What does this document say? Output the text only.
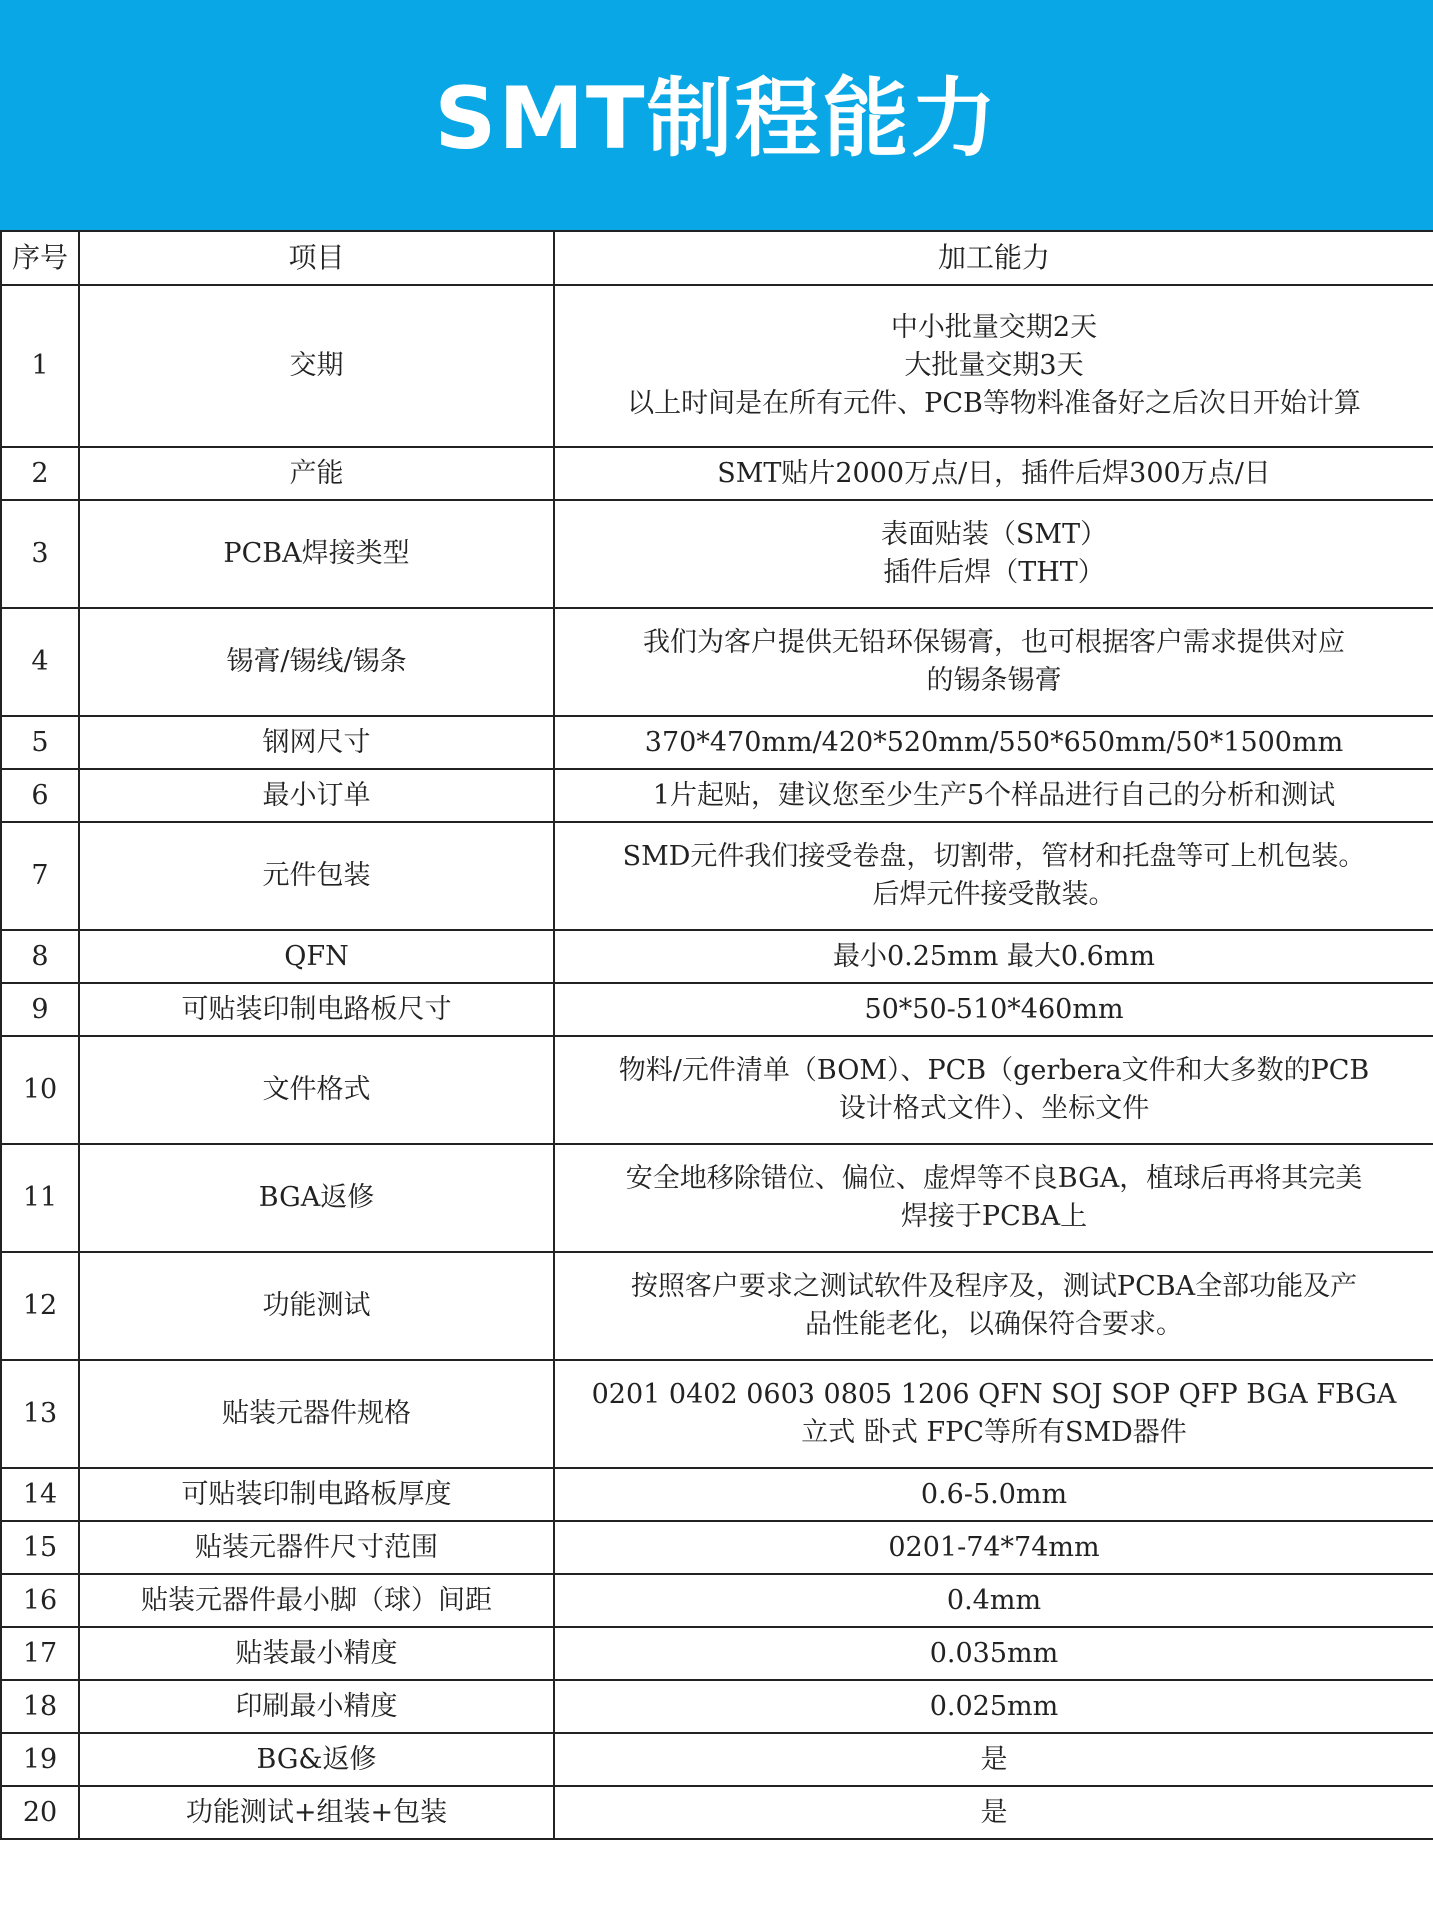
SMT制程能力
序号	项目	加工能力
1	交期	中小批量交期2天
大批量交期3天
以上时间是在所有元件、PCB等物料准备好之后次日开始计算

2	产能	SMT贴片2000万点/日，插件后焊300万点/日

3	PCBA焊接类型	表面贴装（SMT）
插件后焊（THT）

4	锡膏/锡线/锡条	我们为客户提供无铅环保锡膏，也可根据客户需求提供对应
的锡条锡膏

5	钢网尺寸	370*470mm/420*520mm/550*650mm/50*1500mm

6	最小订单	1片起贴，建议您至少生产5个样品进行自己的分析和测试

7	元件包装	SMD元件我们接受卷盘，切割带，管材和托盘等可上机包装。
后焊元件接受散装。

8	QFN	最小0.25mm 最大0.6mm

9	可贴装印制电路板尺寸	50*50-510*460mm

10	文件格式	物料/元件清单（BOM）、PCB（gerbera文件和大多数的PCB
设计格式文件）、坐标文件

11	BGA返修	安全地移除错位、偏位、虚焊等不良BGA，植球后再将其完美
焊接于PCBA上

12	功能测试	按照客户要求之测试软件及程序及，测试PCBA全部功能及产
品性能老化，以确保符合要求。

13	贴装元器件规格	0201 0402 0603 0805 1206 QFN SOJ SOP QFP BGA FBGA
立式 卧式 FPC等所有SMD器件

14	可贴装印制电路板厚度	0.6-5.0mm

15	贴装元器件尺寸范围	0201-74*74mm

16	贴装元器件最小脚（球）间距	0.4mm

17	贴装最小精度	0.035mm

18	印刷最小精度	0.025mm

19	BG&返修	是

20	功能测试+组装+包装	是
